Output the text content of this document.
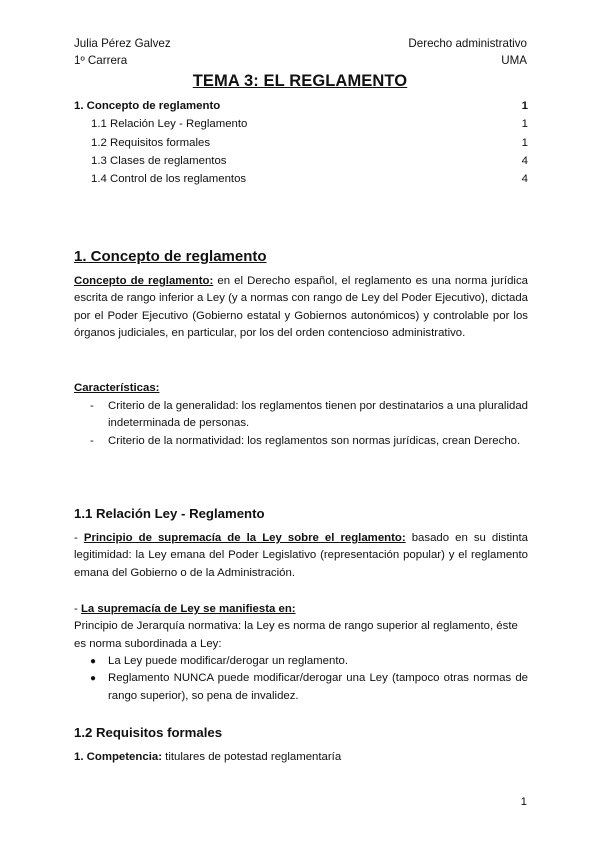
Julia Pérez Galvez
1º Carrera
Derecho administrativo
UMA
TEMA 3: EL REGLAMENTO
1. Concepto de reglamento	1
1.1 Relación Ley - Reglamento	1
1.2 Requisitos formales	1
1.3 Clases de reglamentos	4
1.4 Control de los reglamentos	4
1. Concepto de reglamento
Concepto de reglamento: en el Derecho español, el reglamento es una norma jurídica escrita de rango inferior a Ley (y a normas con rango de Ley del Poder Ejecutivo), dictada por el Poder Ejecutivo (Gobierno estatal y Gobiernos autonómicos) y controlable por los órganos judiciales, en particular, por los del orden contencioso administrativo.
Características:
-	Criterio de la generalidad: los reglamentos tienen por destinatarios a una pluralidad indeterminada de personas.
-	Criterio de la normatividad: los reglamentos son normas jurídicas, crean Derecho.
1.1 Relación Ley - Reglamento
- Principio de supremacía de la Ley sobre el reglamento: basado en su distinta legitimidad: la Ley emana del Poder Legislativo (representación popular) y el reglamento emana del Gobierno o de la Administración.
- La supremacía de Ley se manifiesta en:
Principio de Jerarquía normativa: la Ley es norma de rango superior al reglamento, éste es norma subordinada a Ley:
●	La Ley puede modificar/derogar un reglamento.
●	Reglamento NUNCA puede modificar/derogar una Ley (tampoco otras normas de rango superior), so pena de invalidez.
1.2 Requisitos formales
1. Competencia: titulares de potestad reglamentaría
1
